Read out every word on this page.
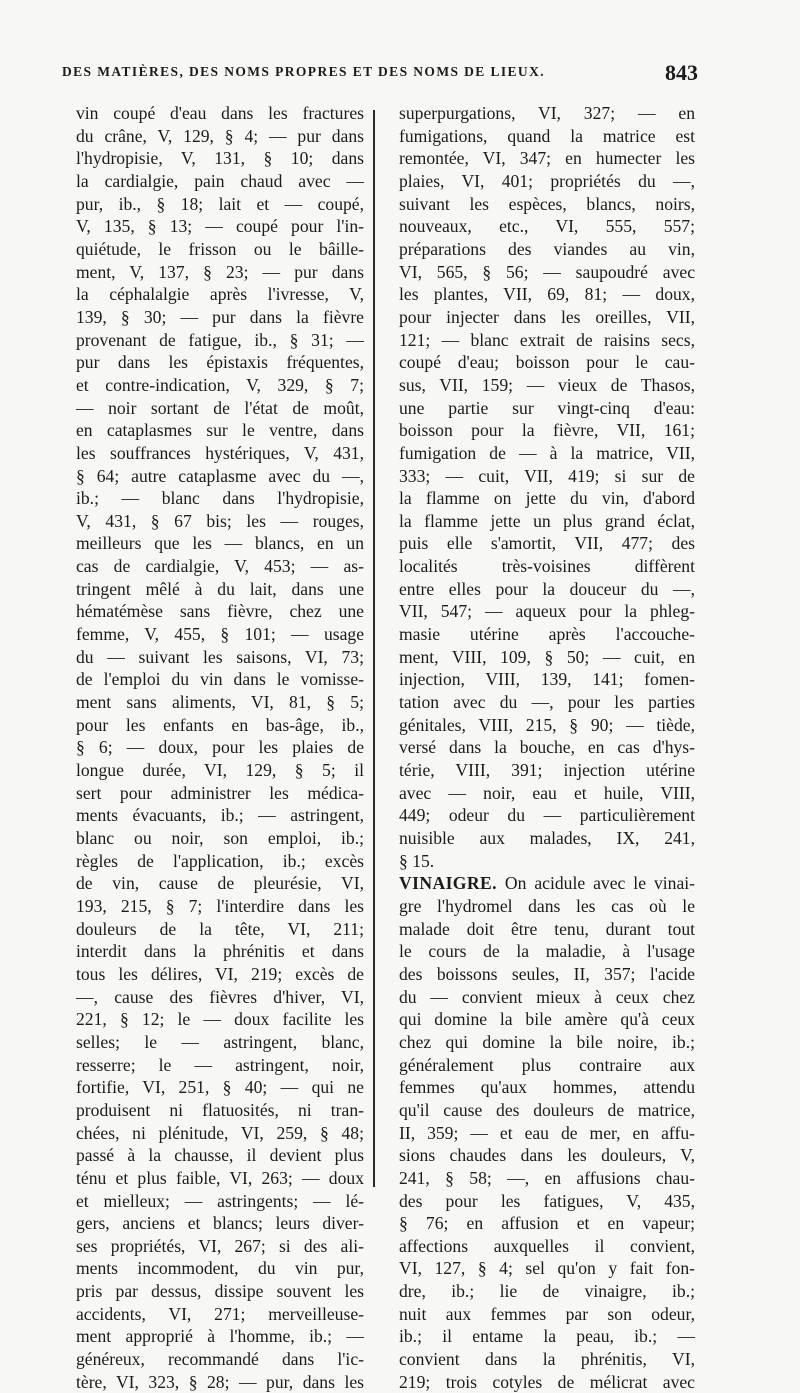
DES MATIÈRES, DES NOMS PROPRES ET DES NOMS DE LIEUX.	843

vin coupé d'eau dans les fractures

du crâne, V, 129, § 4; — pur dans

l'hydropisie, V, 131, § 10; dans

la cardialgie, pain chaud avec —

pur, ib., § 18; lait et — coupé,

V, 135, § 13; — coupé pour l'in-

quiétude, le frisson ou le bâille-

ment, V, 137, § 23; — pur dans

la céphalalgie après l'ivresse, V,

139, § 30; — pur dans la fièvre

provenant de fatigue, ib., § 31; —

pur dans les épistaxis fréquentes,

et contre-indication, V, 329, § 7;

— noir sortant de l'état de moût,

en cataplasmes sur le ventre, dans

les souffrances hystériques, V, 431,

§ 64; autre cataplasme avec du —,

ib.; — blanc dans l'hydropisie,

V, 431, § 67 bis; les — rouges,

meilleurs que les — blancs, en un

cas de cardialgie, V, 453; — as-

tringent mêlé à du lait, dans une

hématémèse sans fièvre, chez une

femme, V, 455, § 101; — usage

du — suivant les saisons, VI, 73;

de l'emploi du vin dans le vomisse-

ment sans aliments, VI, 81, § 5;

pour les enfants en bas-âge, ib.,

§ 6; — doux, pour les plaies de

longue durée, VI, 129, § 5; il

sert pour administrer les médica-

ments évacuants, ib.; — astringent,

blanc ou noir, son emploi, ib.;

règles de l'application, ib.; excès

de vin, cause de pleurésie, VI,

193, 215, § 7; l'interdire dans les

douleurs de la tête, VI, 211;

interdit dans la phrénitis et dans

tous les délires, VI, 219; excès de

—, cause des fièvres d'hiver, VI,

221, § 12; le — doux facilite les

selles; le — astringent, blanc,

resserre; le — astringent, noir,

fortifie, VI, 251, § 40; — qui ne

produisent ni flatuosités, ni tran-

chées, ni plénitude, VI, 259, § 48;

passé à la chausse, il devient plus

ténu et plus faible, VI, 263; — doux

et mielleux; — astringents; — lé-

gers, anciens et blancs; leurs diver-

ses propriétés, VI, 267; si des ali-

ments incommodent, du vin pur,

pris par dessus, dissipe souvent les

accidents, VI, 271; merveilleuse-

ment approprié à l'homme, ib.; —

généreux, recommandé dans l'ic-

tère, VI, 323, § 28; — pur, dans les

superpurgations, VI, 327; — en

fumigations, quand la matrice est

remontée, VI, 347; en humecter les

plaies, VI, 401; propriétés du —,

suivant les espèces, blancs, noirs,

nouveaux, etc., VI, 555, 557;

préparations des viandes au vin,

VI, 565, § 56; — saupoudré avec

les plantes, VII, 69, 81; — doux,

pour injecter dans les oreilles, VII,

121; — blanc extrait de raisins secs,

coupé d'eau; boisson pour le cau-

sus, VII, 159; — vieux de Thasos,

une partie sur vingt-cinq d'eau:

boisson pour la fièvre, VII, 161;

fumigation de — à la matrice, VII,

333; — cuit, VII, 419; si sur de

la flamme on jette du vin, d'abord

la flamme jette un plus grand éclat,

puis elle s'amortit, VII, 477; des

localités très-voisines diffèrent

entre elles pour la douceur du —,

VII, 547; — aqueux pour la phleg-

masie utérine après l'accouche-

ment, VIII, 109, § 50; — cuit, en

injection, VIII, 139, 141; fomen-

tation avec du —, pour les parties

génitales, VIII, 215, § 90; — tiède,

versé dans la bouche, en cas d'hys-

térie, VIII, 391; injection utérine

avec — noir, eau et huile, VIII,

449; odeur du — particulièrement

nuisible aux malades, IX, 241,

§ 15.

VINAIGRE. On acidule avec le vinai-

gre l'hydromel dans les cas où le

malade doit être tenu, durant tout

le cours de la maladie, à l'usage

des boissons seules, II, 357; l'acide

du — convient mieux à ceux chez

qui domine la bile amère qu'à ceux

chez qui domine la bile noire, ib.;

généralement plus contraire aux

femmes qu'aux hommes, attendu

qu'il cause des douleurs de matrice,

II, 359; — et eau de mer, en affu-

sions chaudes dans les douleurs, V,

241, § 58; —, en affusions chau-

des pour les fatigues, V, 435,

§ 76; en affusion et en vapeur;

affections auxquelles il convient,

VI, 127, § 4; sel qu'on y fait fon-

dre, ib.; lie de vinaigre, ib.;

nuit aux femmes par son odeur,

ib.; il entame la peau, ib.; —

convient dans la phrénitis, VI,

219; trois cotyles de mélicrat avec
